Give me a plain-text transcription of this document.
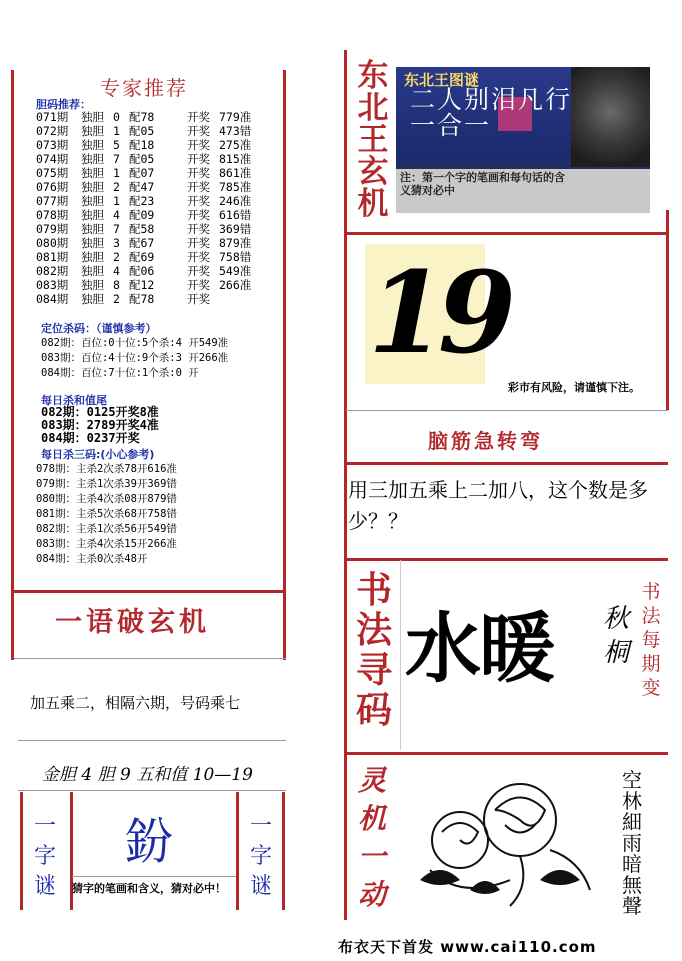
专家推荐
胆码推荐：
071期 独胆 0 配78	开奖 779准
072期 独胆 1 配05	开奖 473错
073期 独胆 5 配18	开奖 275准
074期 独胆 7 配05	开奖 815准
075期 独胆 1 配07	开奖 861准
076期 独胆 2 配47	开奖 785准
077期 独胆 1 配23	开奖 246准
078期 独胆 4 配09	开奖 616错
079期 独胆 7 配58	开奖 369错
080期 独胆 3 配67	开奖 879准
081期 独胆 2 配69	开奖 758错
082期 独胆 4 配06	开奖 549准
083期 独胆 8 配12	开奖 266准
084期 独胆 2 配78	开奖
定位杀码：（谨慎参考）
082期：百位:0十位:5个杀:4 开549准
083期：百位:4十位:9个杀:3 开266准
084期：百位:7十位:1个杀:0 开
每日杀和值尾
082期：0125开奖8准
083期：2789开奖4准
084期：0237开奖
每日杀三码:(小心参考)
078期：主杀2次杀78开616准
079期：主杀1次杀39开369错
080期：主杀4次杀08开879错
081期：主杀5次杀68开758错
082期：主杀1次杀56开549错
083期：主杀4次杀15开266准
084期：主杀0次杀48开
一语破玄机
加五乘二，相隔六期，号码乘七
金胆 4 胆 9 五和值 10—19
一
字
谜
一
字
谜
鈖
猜字的笔画和含义，猜对必中！
东
北
王
玄
机
东北王图谜
二人别泪凡行一合一
注：第一个字的笔画和每句话的含义猜对必中
1
9
彩市有风险，请谨慎下注。
脑筋急转弯
用三加五乘上二加八，这个数是多少？？
书
法
寻
码
水暖 秋
桐
书
法
每
期
变
灵
机
一
动
空
林
細
雨
暗
無
聲
布衣天下首发 www.cai110.com
